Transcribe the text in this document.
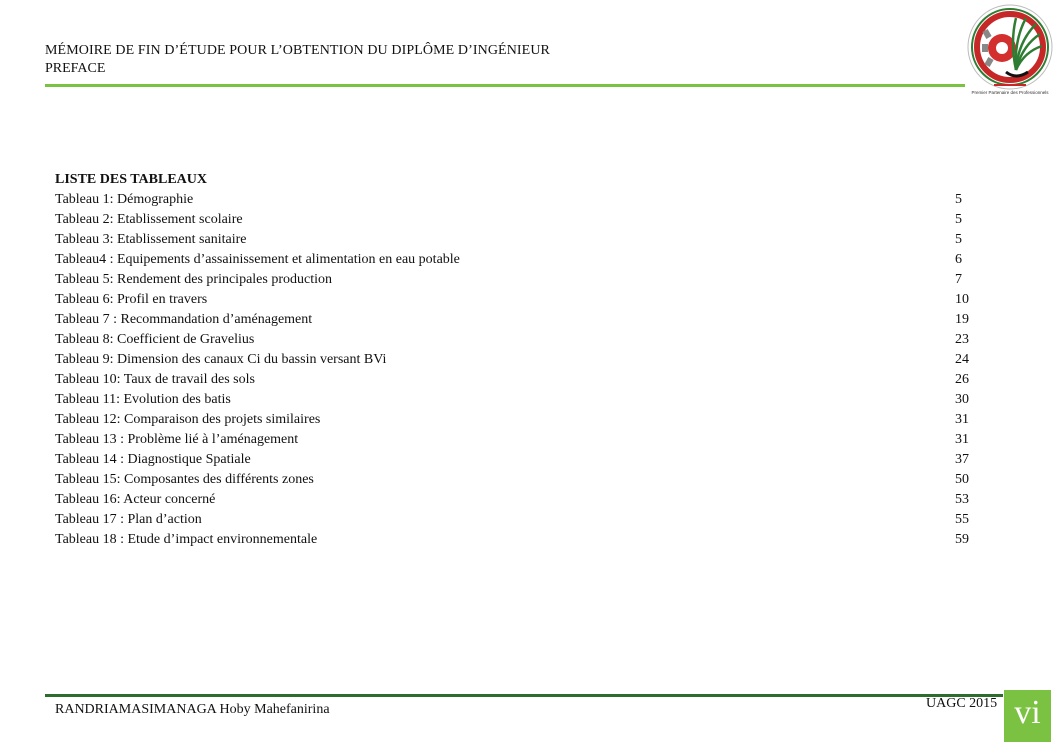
MÉMOIRE DE FIN D’ÉTUDE POUR L’OBTENTION DU DIPLÔME D’INGÉNIEUR
PREFACE
Premier Partenaire des Professionnels
LISTE DES TABLEAUX
Tableau 1: Démographie	5
Tableau 2: Etablissement scolaire	5
Tableau 3: Etablissement sanitaire	5
Tableau4 : Equipements d’assainissement et alimentation en eau potable	6
Tableau 5: Rendement des principales production	7
Tableau 6: Profil en travers	10
Tableau 7 : Recommandation d’aménagement	19
Tableau 8: Coefficient de Gravelius	23
Tableau 9: Dimension des canaux Ci du bassin versant BVi	24
Tableau 10: Taux de travail des sols	26
Tableau 11: Evolution des batis	30
Tableau 12: Comparaison des projets similaires	31
Tableau 13 : Problème lié à l’aménagement	31
Tableau 14 : Diagnostique Spatiale	37
Tableau 15: Composantes des différents zones	50
Tableau 16: Acteur concerné	53
Tableau 17 : Plan d’action	55
Tableau 18 : Etude d’impact environnementale	59
RANDRIAMASIMANAGA Hoby Mahefanirina	UAGC 2015 vi
